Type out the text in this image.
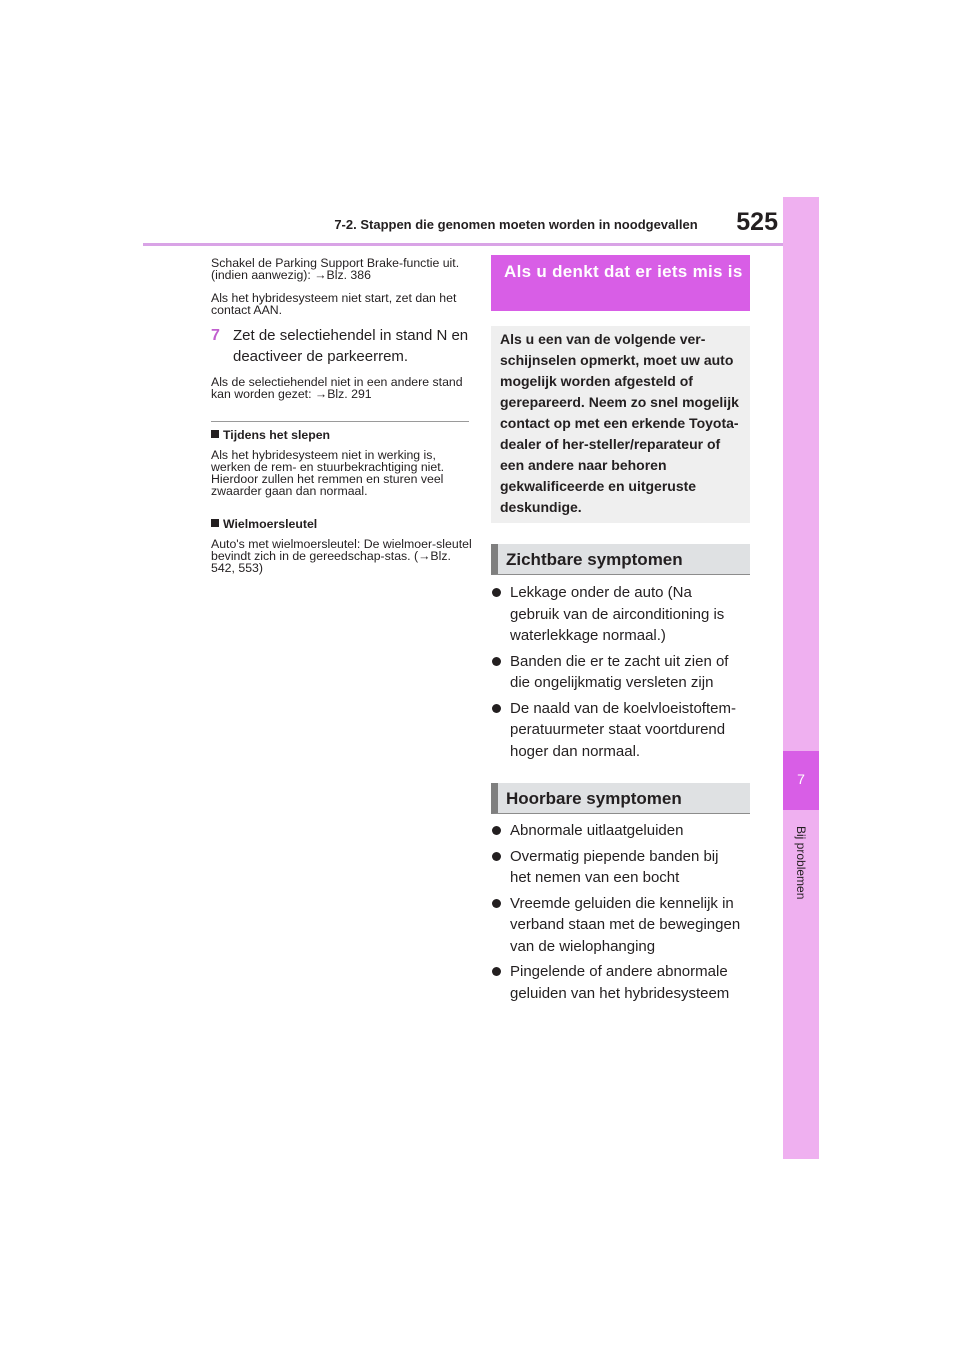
7-2. Stappen die genomen moeten worden in noodgevallen	525
7
Bij problemen

Schakel de Parking Support Brake-functie uit. (indien aanwezig): →Blz. 386

Als het hybridesysteem niet start, zet dan het contact AAN.

7 Zet de selectiehendel in stand N en deactiveer de parkeerrem.

Als de selectiehendel niet in een andere stand kan worden gezet: →Blz. 291

Tijdens het slepen

Als het hybridesysteem niet in werking is, werken de rem- en stuurbekrachtiging niet. Hierdoor zullen het remmen en sturen veel zwaarder gaan dan normaal.

Wielmoersleutel

Auto's met wielmoersleutel: De wielmoer-sleutel bevindt zich in de gereedschap-stas. (→Blz. 542, 553)

Als u denkt dat er iets mis is
Als u een van de volgende ver-schijnselen opmerkt, moet uw auto mogelijk worden afgesteld of gerepareerd. Neem zo snel mogelijk contact op met een erkende Toyota-dealer of her-steller/reparateur of een andere naar behoren gekwalificeerde en uitgeruste deskundige.
Zichtbare symptomen
Lekkage onder de auto (Na gebruik van de airconditioning is waterlekkage normaal.)
Banden die er te zacht uit zien of die ongelijkmatig versleten zijn
De naald van de koelvloeistoftem-peratuurmeter staat voortdurend hoger dan normaal.
Hoorbare symptomen
Abnormale uitlaatgeluiden
Overmatig piepende banden bij het nemen van een bocht
Vreemde geluiden die kennelijk in verband staan met de bewegingen van de wielophanging
Pingelende of andere abnormale geluiden van het hybridesysteem
